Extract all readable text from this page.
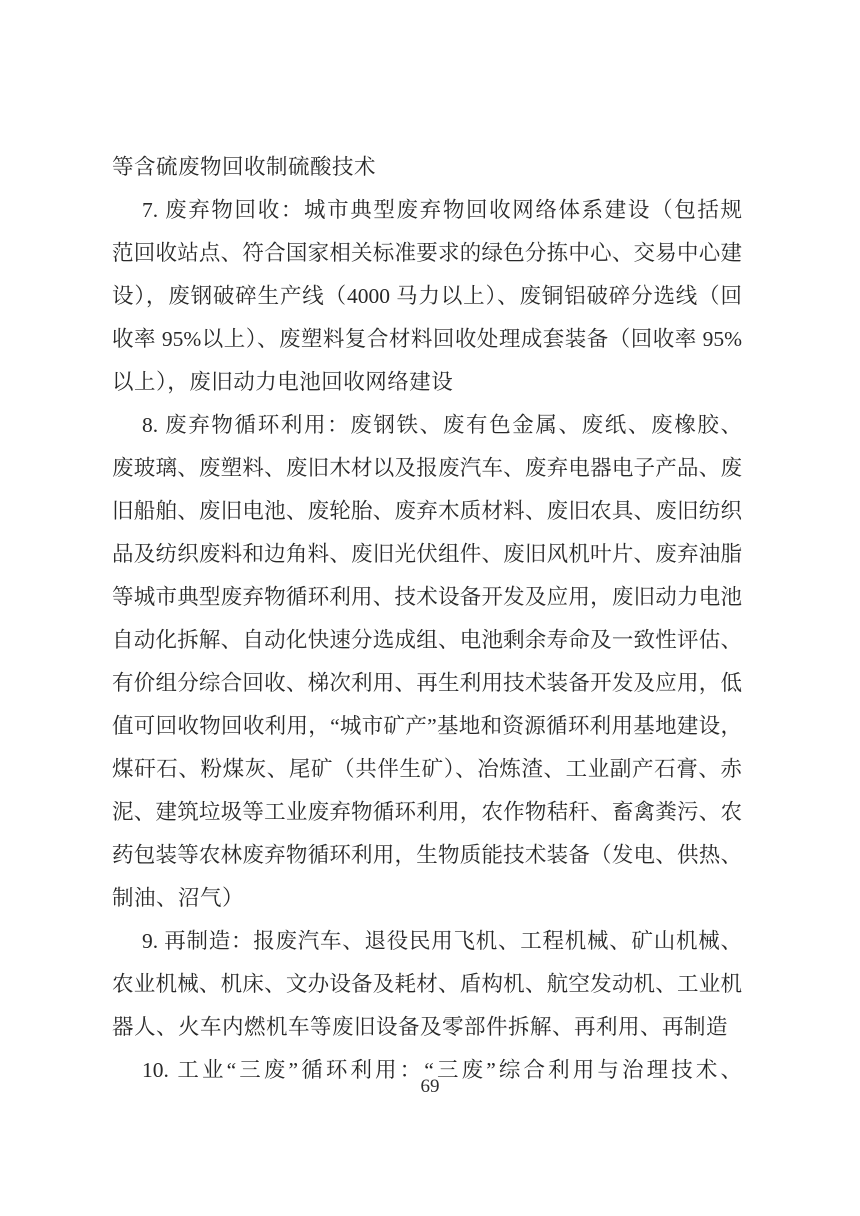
等含硫废物回收制硫酸技术
7. 废弃物回收：城市典型废弃物回收网络体系建设（包括规
范回收站点、符合国家相关标准要求的绿色分拣中心、交易中心建
设），废钢破碎生产线（4000 马力以上）、废铜铝破碎分选线（回
收率 95%以上）、废塑料复合材料回收处理成套装备（回收率 95%
以上），废旧动力电池回收网络建设
8. 废弃物循环利用：废钢铁、废有色金属、废纸、废橡胶、
废玻璃、废塑料、废旧木材以及报废汽车、废弃电器电子产品、废
旧船舶、废旧电池、废轮胎、废弃木质材料、废旧农具、废旧纺织
品及纺织废料和边角料、废旧光伏组件、废旧风机叶片、废弃油脂
等城市典型废弃物循环利用、技术设备开发及应用，废旧动力电池
自动化拆解、自动化快速分选成组、电池剩余寿命及一致性评估、
有价组分综合回收、梯次利用、再生利用技术装备开发及应用，低
值可回收物回收利用，“城市矿产”基地和资源循环利用基地建设，
煤矸石、粉煤灰、尾矿（共伴生矿）、冶炼渣、工业副产石膏、赤
泥、建筑垃圾等工业废弃物循环利用，农作物秸秆、畜禽粪污、农
药包装等农林废弃物循环利用，生物质能技术装备（发电、供热、
制油、沼气）
9. 再制造：报废汽车、退役民用飞机、工程机械、矿山机械、
农业机械、机床、文办设备及耗材、盾构机、航空发动机、工业机
器人、火车内燃机车等废旧设备及零部件拆解、再利用、再制造
10. 工业“三废”循环利用：“三废”综合利用与治理技术、
69
